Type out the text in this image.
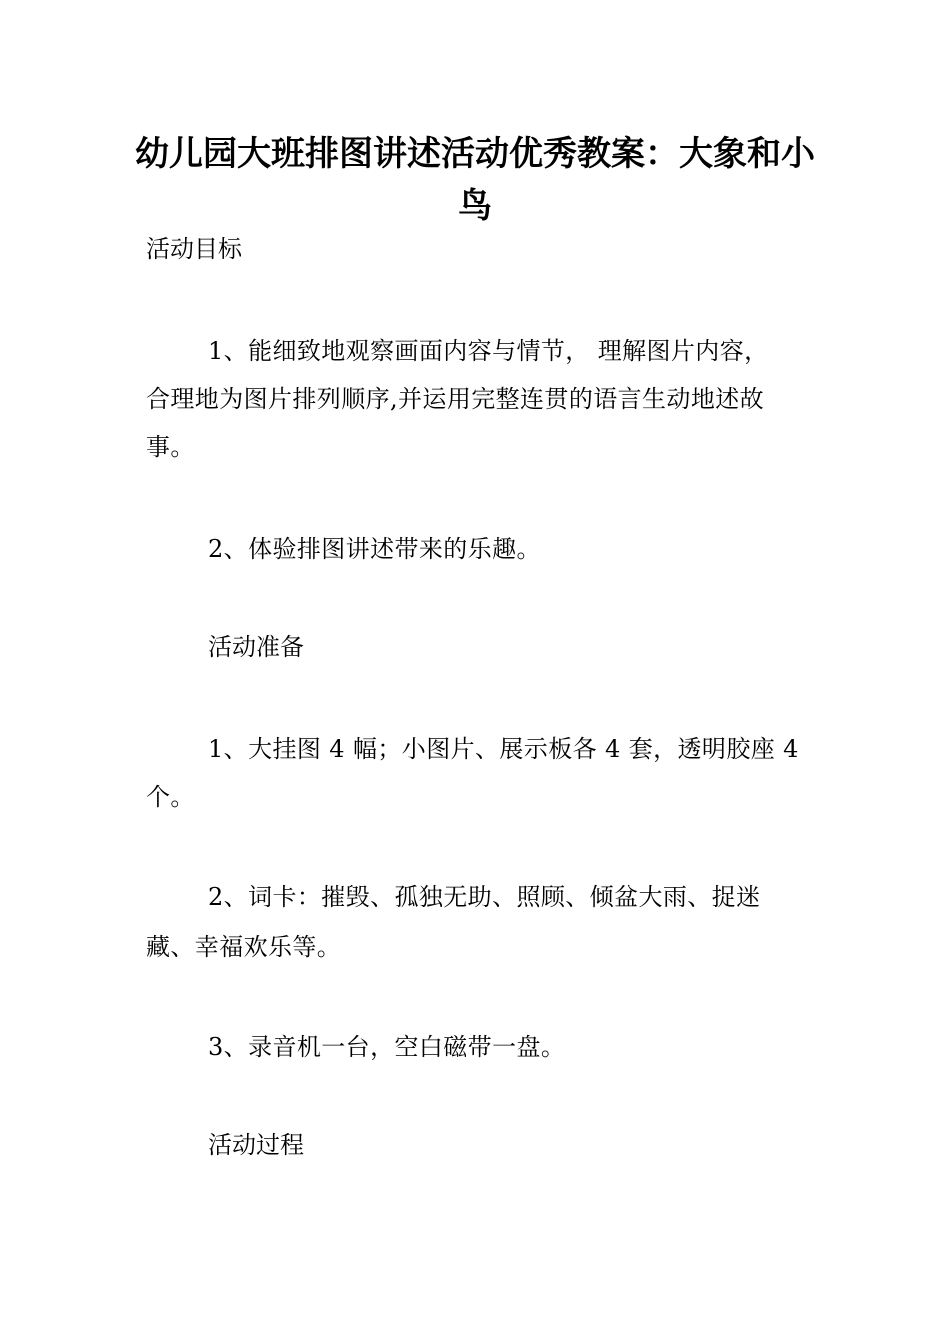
幼儿园大班排图讲述活动优秀教案：大象和小鸟

活动目标

1、能细致地观察画面内容与情节， 理解图片内容，

合理地为图片排列顺序,并运用完整连贯的语言生动地述故

事。

2、体验排图讲述带来的乐趣。

活动准备

1、大挂图 4 幅；小图片、展示板各 4 套，透明胶座 4

个。

2、词卡：摧毁、孤独无助、照顾、倾盆大雨、捉迷

藏、幸福欢乐等。

3、录音机一台，空白磁带一盘。

活动过程
